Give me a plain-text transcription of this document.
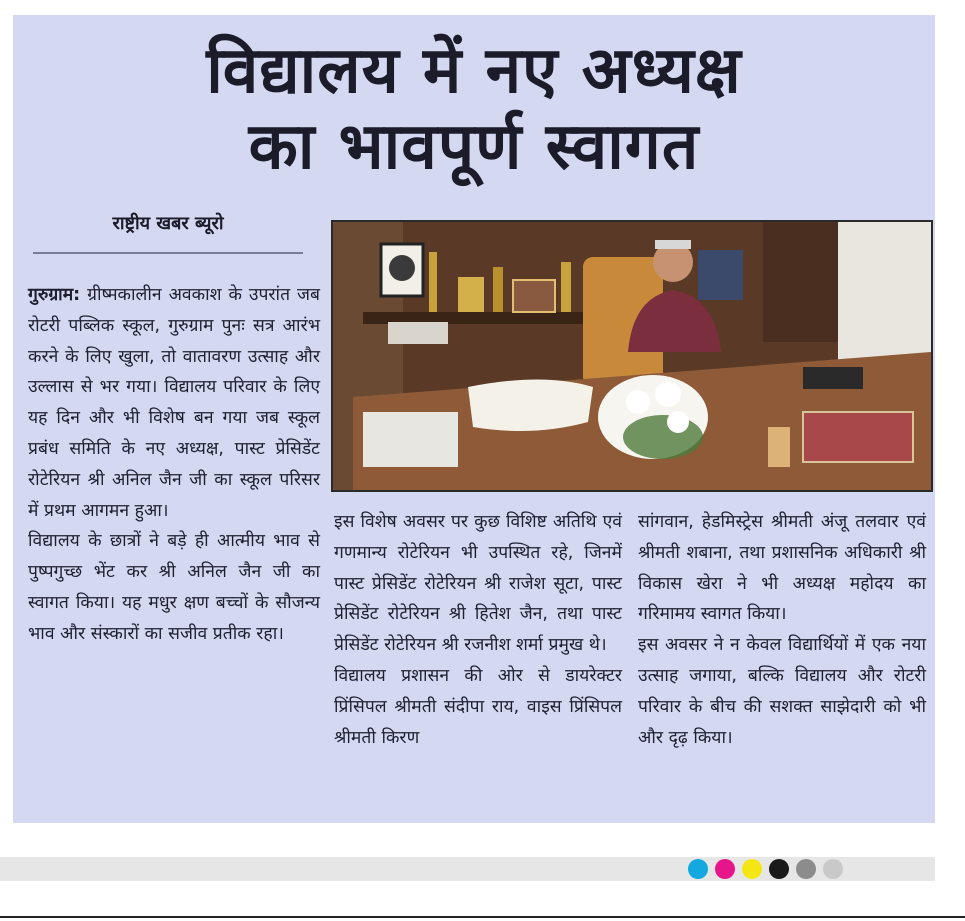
विद्यालय में नए अध्यक्ष
का भावपूर्ण स्वागत
राष्ट्रीय खबर ब्यूरो

गुरुग्राम: ग्रीष्मकालीन अवकाश के उपरांत जब रोटरी पब्लिक स्कूल, गुरुग्राम पुनः सत्र आरंभ करने के लिए खुला, तो वातावरण उत्साह और उल्लास से भर गया। विद्यालय परिवार के लिए यह दिन और भी विशेष बन गया जब स्कूल प्रबंध समिति के नए अध्यक्ष, पास्ट प्रेसिडेंट रोटेरियन श्री अनिल जैन जी का स्कूल परिसर में प्रथम आगमन हुआ।

विद्यालय के छात्रों ने बड़े ही आत्मीय भाव से पुष्पगुच्छ भेंट कर श्री अनिल जैन जी का स्वागत किया। यह मधुर क्षण बच्चों के सौजन्य भाव और संस्कारों का सजीव प्रतीक रहा।

इस विशेष अवसर पर कुछ विशिष्ट अतिथि एवं गणमान्य रोटेरियन भी उपस्थित रहे, जिनमें पास्ट प्रेसिडेंट रोटेरियन श्री राजेश सूटा, पास्ट प्रेसिडेंट रोटेरियन श्री हितेश जैन, तथा पास्ट प्रेसिडेंट रोटेरियन श्री रजनीश शर्मा प्रमुख थे।

विद्यालय प्रशासन की ओर से डायरेक्टर प्रिंसिपल श्रीमती संदीपा राय, वाइस प्रिंसिपल श्रीमती किरण

सांगवान, हेडमिस्ट्रेस श्रीमती अंजू तलवार एवं श्रीमती शबाना, तथा प्रशासनिक अधिकारी श्री विकास खेरा ने भी अध्यक्ष महोदय का गरिमामय स्वागत किया।

इस अवसर ने न केवल विद्यार्थियों में एक नया उत्साह जगाया, बल्कि विद्यालय और रोटरी परिवार के बीच की सशक्त साझेदारी को भी और दृढ़ किया।
